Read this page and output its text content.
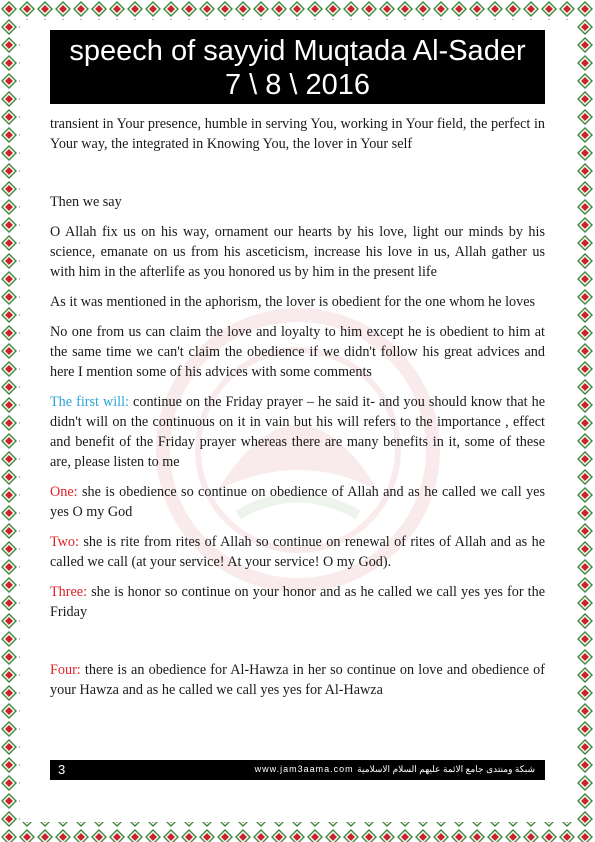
speech of sayyid Muqtada Al-Sader
7 \ 8 \ 2016

transient in Your presence, humble in serving You, working in Your field, the perfect in Your way, the integrated in Knowing You, the lover in Your self

Then we say

O Allah fix us on his way, ornament our hearts by his love, light our minds by his science, emanate on us from his asceticism, increase his love in us, Allah gather us with him in the afterlife as you honored us by him in the present life

As it was mentioned in the aphorism, the lover is obedient for the one whom he loves

No one from us can claim the love and loyalty to him except he is obedient to him at the same time we can't claim the obedience if we didn't follow his great advices and here I mention some of his advices with some comments

The first will: continue on the Friday prayer – he said it- and you should know that he didn't will on the continuous on it in vain but his will refers to the importance , effect and benefit of the Friday prayer whereas there are many benefits in it, some of these are, please listen to me

One: she is obedience so continue on obedience of Allah and as he called we call yes yes O my God

Two: she is rite from rites of Allah so continue on renewal of rites of Allah and as he called we call (at your service! At your service! O my God).

Three: she is honor so continue on your honor and as he called we call yes yes for the Friday

Four: there is an obedience for Al-Hawza in her so continue on love and obedience of your Hawza and as he called we call yes yes for Al-Hawza

3	www.jam3aama.com شبكة ومنتدى جامع الائمة عليهم السلام الاسلامية
